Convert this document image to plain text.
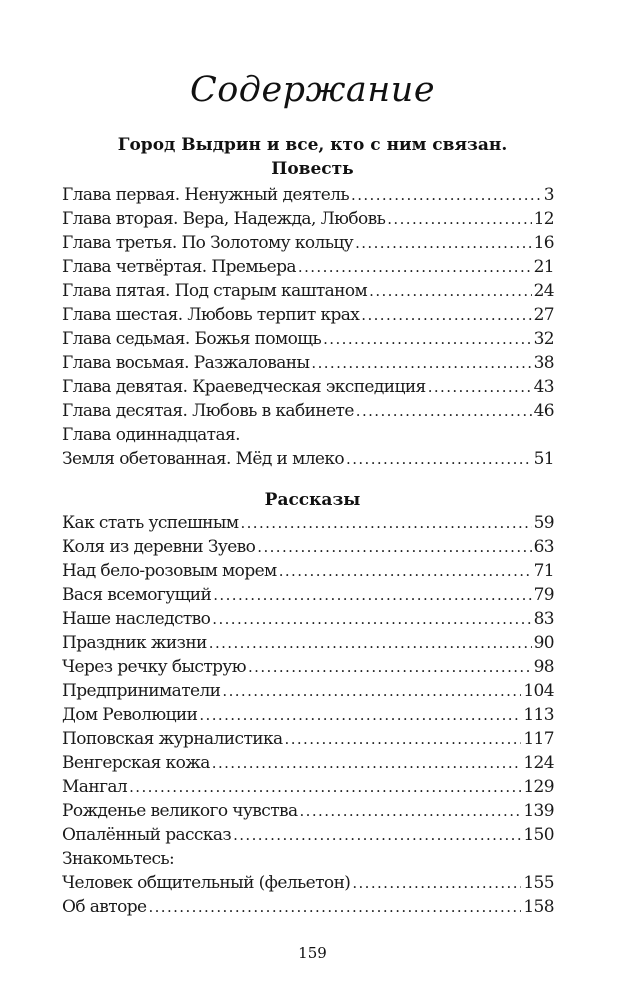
Содержание
Город Выдрин и все, кто с ним связан.
Повесть
Глава первая. Ненужный деятель .....	3
Глава вторая. Вера, Надежда, Любовь .....	12
Глава третья. По Золотому кольцу .....	16
Глава четвёртая. Премьера .....	21
Глава пятая. Под старым каштаном .....	24
Глава шестая. Любовь терпит крах .....	27
Глава седьмая. Божья помощь .....	32
Глава восьмая. Разжалованы .....	38
Глава девятая. Краеведческая экспедиция .....	43
Глава десятая. Любовь в кабинете .....	46
Глава одиннадцатая.
Земля обетованная. Мёд и млеко .....	51
Рассказы
Как стать успешным .....	59
Коля из деревни Зуево .....	63
Над бело-розовым морем .....	71
Вася всемогущий .....	79
Наше наследство .....	83
Праздник жизни .....	90
Через речку быструю .....	98
Предприниматели .....	104
Дом Революции .....	113
Поповская журналистика .....	117
Венгерская кожа .....	124
Мангал .....	129
Рожденье великого чувства .....	139
Опалённый рассказ .....	150
Знакомьтесь:
Человек общительный (фельетон) .....	155
Об авторе .....	158
159
